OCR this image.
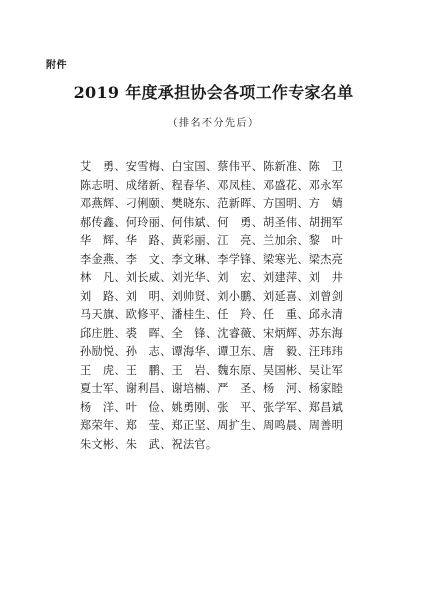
附件
2019 年度承担协会各项工作专家名单
（排名不分先后）
艾　勇、安雪梅、白宝国、蔡伟平、陈新准、陈　卫
陈志明、成绪新、程春华、邓凤桂、邓盛花、邓永军
邓燕辉、刁俐颐、樊晓东、范新晖、方国明、方　婧
郝传鑫、何玲丽、何伟斌、何　勇、胡圣伟、胡拥军
华　辉、华　路、黄彩丽、江　亮、兰加余、黎　叶
李金燕、李　文、李文琳、李学锋、梁寒光、梁杰亮
林　凡、刘长威、刘光华、刘　宏、刘建萍、刘　井
刘　路、刘　明、刘帅贤、刘小鹏、刘延喜、刘曾剑
马天旗、欧修平、潘桂生、任　羚、任　重、邱永清
邱庄胜、裘　晖、全　锋、沈睿薇、宋炳辉、苏东海
孙励悦、孙　志、谭海华、谭卫东、唐　毅、汪玮玮
王　虎、王　鹏、王　岩、魏东原、吴国彬、吴让军
夏士军、谢利昌、谢培楠、严　圣、杨　河、杨家睦
杨　洋、叶　俭、姚勇刚、张　平、张学军、郑昌斌
郑荣年、郑　莹、郑正坚、周扩生、周鸣晨、周善明
朱文彬、朱　武、祝法官。
